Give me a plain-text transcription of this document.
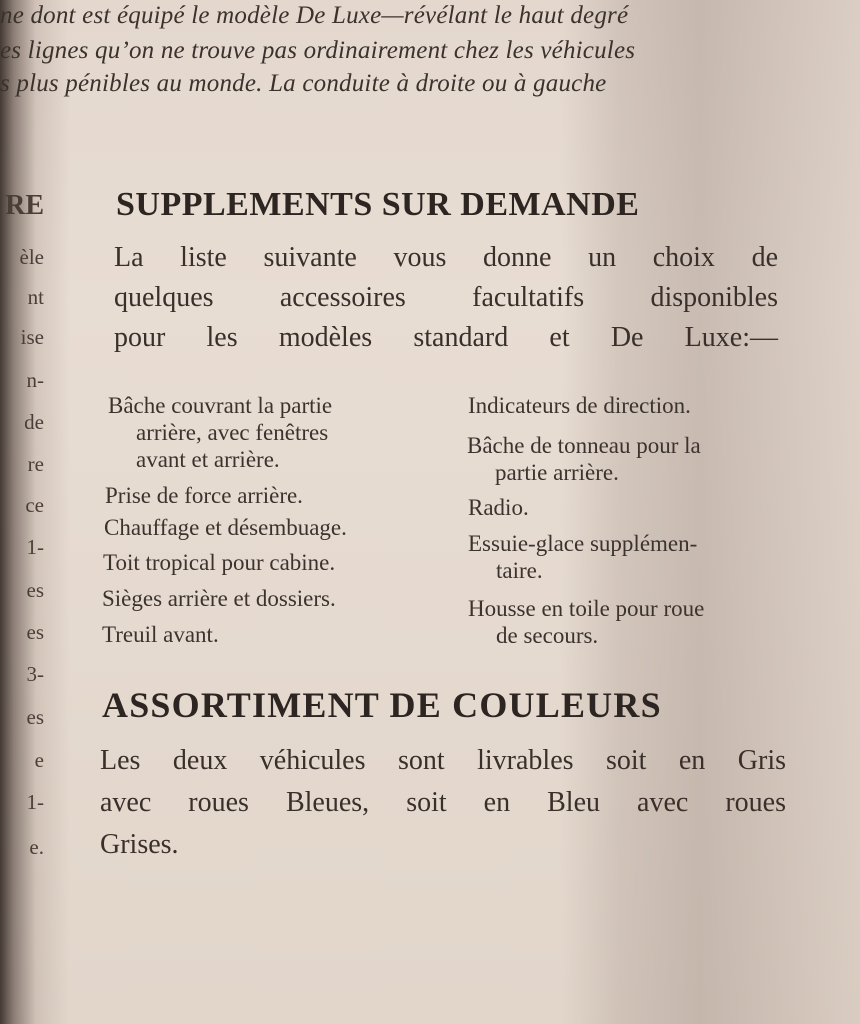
ne dont est équipé le modèle De Luxe—révélant le haut degré
es lignes qu’on ne trouve pas ordinairement chez les véhicules
s plus pénibles au monde. La conduite à droite ou à gauche
RE
èle
nt
ise
n-
de
re
ce
1-
es
es
3-
es
e
1-
e.
SUPPLEMENTS SUR DEMANDE
La liste suivante vous donne un choix de
quelques accessoires facultatifs disponibles
pour les modèles standard et De Luxe:—
Bâche couvrant la partie
arrière, avec fenêtres
avant et arrière.
Prise de force arrière.
Chauffage et désembuage.
Toit tropical pour cabine.
Sièges arrière et dossiers.
Treuil avant.
Indicateurs de direction.
Bâche de tonneau pour la
partie arrière.
Radio.
Essuie-glace supplémen-
taire.
Housse en toile pour roue
de secours.
ASSORTIMENT DE COULEURS
Les deux véhicules sont livrables soit en Gris
avec roues Bleues, soit en Bleu avec roues
Grises.
